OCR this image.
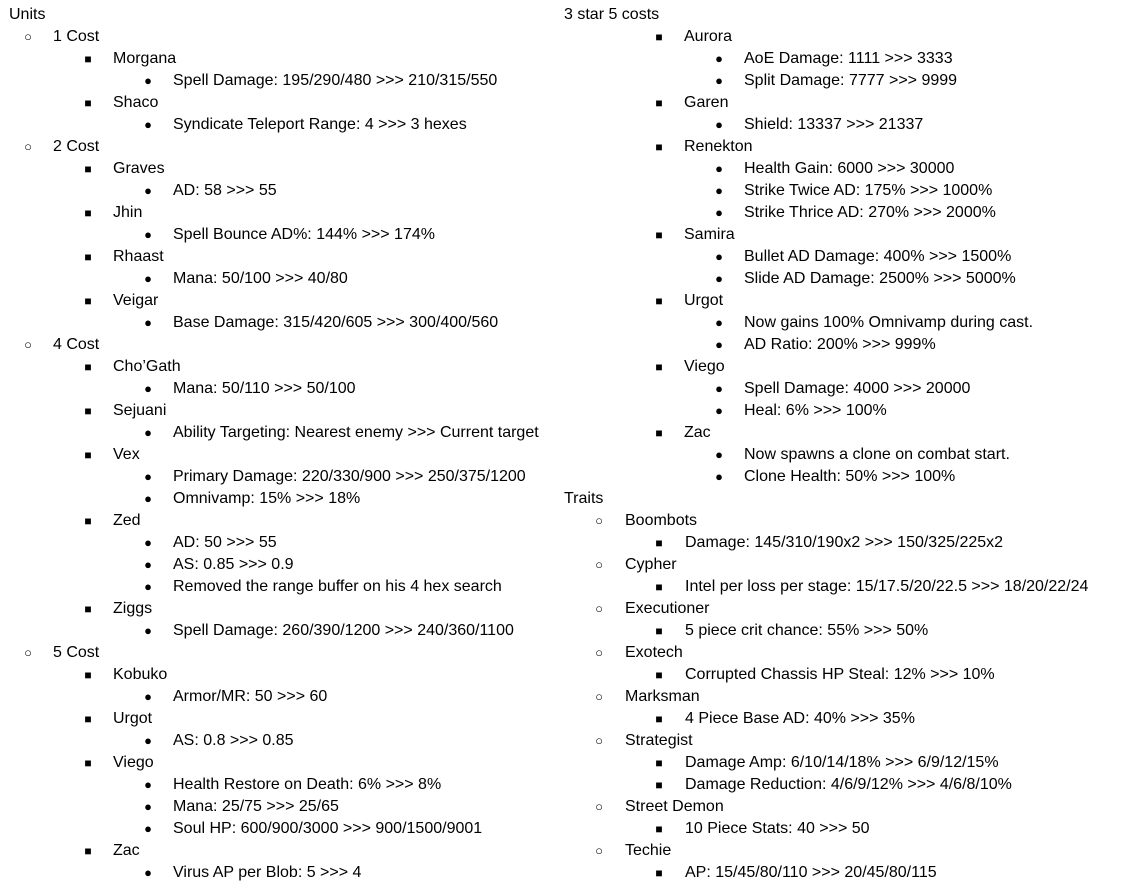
Units
○ 1 Cost
■ Morgana
● Spell Damage: 195/290/480 >>> 210/315/550
■ Shaco
● Syndicate Teleport Range: 4 >>> 3 hexes
○ 2 Cost
■ Graves
● AD: 58 >>> 55
■ Jhin
● Spell Bounce AD%: 144% >>> 174%
■ Rhaast
● Mana: 50/100 >>> 40/80
■ Veigar
● Base Damage: 315/420/605 >>> 300/400/560
○ 4 Cost
■ Cho’Gath
● Mana: 50/110 >>> 50/100
■ Sejuani
● Ability Targeting: Nearest enemy >>> Current target
■ Vex
● Primary Damage: 220/330/900 >>> 250/375/1200
● Omnivamp: 15% >>> 18%
■ Zed
● AD: 50 >>> 55
● AS: 0.85 >>> 0.9
● Removed the range buffer on his 4 hex search
■ Ziggs
● Spell Damage: 260/390/1200 >>> 240/360/1100
○ 5 Cost
■ Kobuko
● Armor/MR: 50 >>> 60
■ Urgot
● AS: 0.8 >>> 0.85
■ Viego
● Health Restore on Death: 6% >>> 8%
● Mana: 25/75 >>> 25/65
● Soul HP: 600/900/3000 >>> 900/1500/9001
■ Zac
● Virus AP per Blob: 5 >>> 4
3 star 5 costs
■ Aurora
● AoE Damage: 1111 >>> 3333
● Split Damage: 7777 >>> 9999
■ Garen
● Shield: 13337 >>> 21337
■ Renekton
● Health Gain: 6000 >>> 30000
● Strike Twice AD: 175% >>> 1000%
● Strike Thrice AD: 270% >>> 2000%
■ Samira
● Bullet AD Damage: 400% >>> 1500%
● Slide AD Damage: 2500% >>> 5000%
■ Urgot
● Now gains 100% Omnivamp during cast.
● AD Ratio: 200% >>> 999%
■ Viego
● Spell Damage: 4000 >>> 20000
● Heal: 6% >>> 100%
■ Zac
● Now spawns a clone on combat start.
● Clone Health: 50% >>> 100%
Traits
○ Boombots
■ Damage: 145/310/190x2 >>> 150/325/225x2
○ Cypher
■ Intel per loss per stage: 15/17.5/20/22.5 >>> 18/20/22/24
○ Executioner
■ 5 piece crit chance: 55% >>> 50%
○ Exotech
■ Corrupted Chassis HP Steal: 12% >>> 10%
○ Marksman
■ 4 Piece Base AD: 40% >>> 35%
○ Strategist
■ Damage Amp: 6/10/14/18% >>> 6/9/12/15%
■ Damage Reduction: 4/6/9/12% >>> 4/6/8/10%
○ Street Demon
■ 10 Piece Stats: 40 >>> 50
○ Techie
■ AP: 15/45/80/110 >>> 20/45/80/115
